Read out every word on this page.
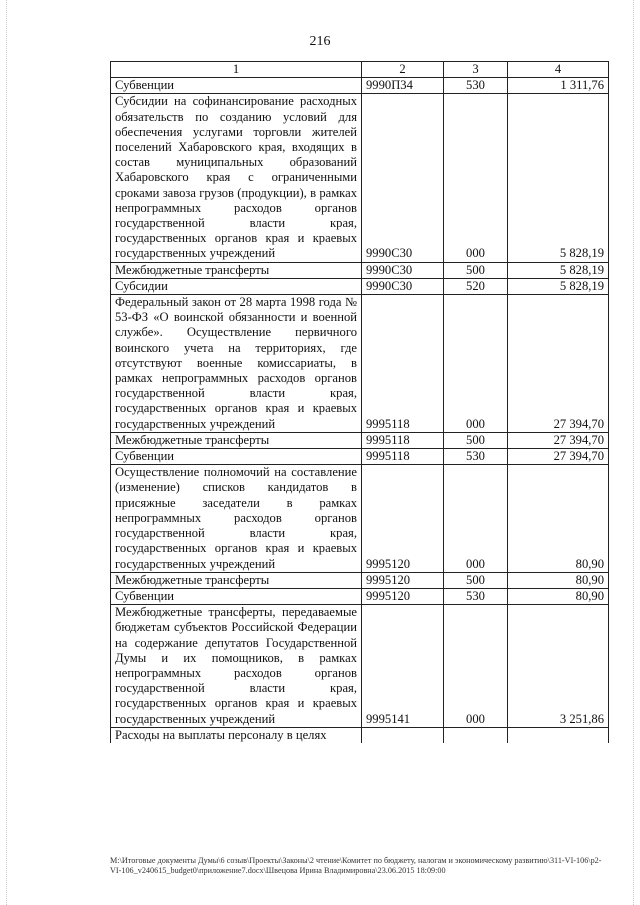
216
1	2	3	4
Субвенции	9990П34	530	1 311,76
Субсидии на софинансирование расходных обязательств по созданию условий для обеспечения услугами торговли жителей поселений Хабаровского края, входящих в состав муниципальных образований Хабаровского края с ограниченными сроками завоза грузов (продукции), в рамках непрограммных расходов органов государственной власти края, государственных органов края и краевых государственных учреждений	9990С30	000	5 828,19
Межбюджетные трансферты	9990С30	500	5 828,19
Субсидии	9990С30	520	5 828,19
Федеральный закон от 28 марта 1998 года № 53-ФЗ «О воинской обязанности и военной службе». Осуществление первичного воинского учета на территориях, где отсутствуют военные комиссариаты, в рамках непрограммных расходов органов государственной власти края, государственных органов края и краевых государственных учреждений	9995118	000	27 394,70
Межбюджетные трансферты	9995118	500	27 394,70
Субвенции	9995118	530	27 394,70
Осуществление полномочий на составление (изменение) списков кандидатов в присяжные заседатели в рамках непрограммных расходов органов государственной власти края, государственных органов края и краевых государственных учреждений	9995120	000	80,90
Межбюджетные трансферты	9995120	500	80,90
Субвенции	9995120	530	80,90
Межбюджетные трансферты, передаваемые бюджетам субъектов Российской Федерации на содержание депутатов Государственной Думы и их помощников, в рамках непрограммных расходов органов государственной власти края, государственных органов края и краевых государственных учреждений	9995141	000	3 251,86
Расходы на выплаты персоналу в целях			
M:\Итоговые документы Думы\6 созыв\Проекты\Законы\2 чтение\Комитет по бюджету, налогам и экономическому развитию\311-VI-106\р2-VI-106_v240615_budget0\приложение7.docx\Швецова Ирина Владимировна\23.06.2015 18:09:00
